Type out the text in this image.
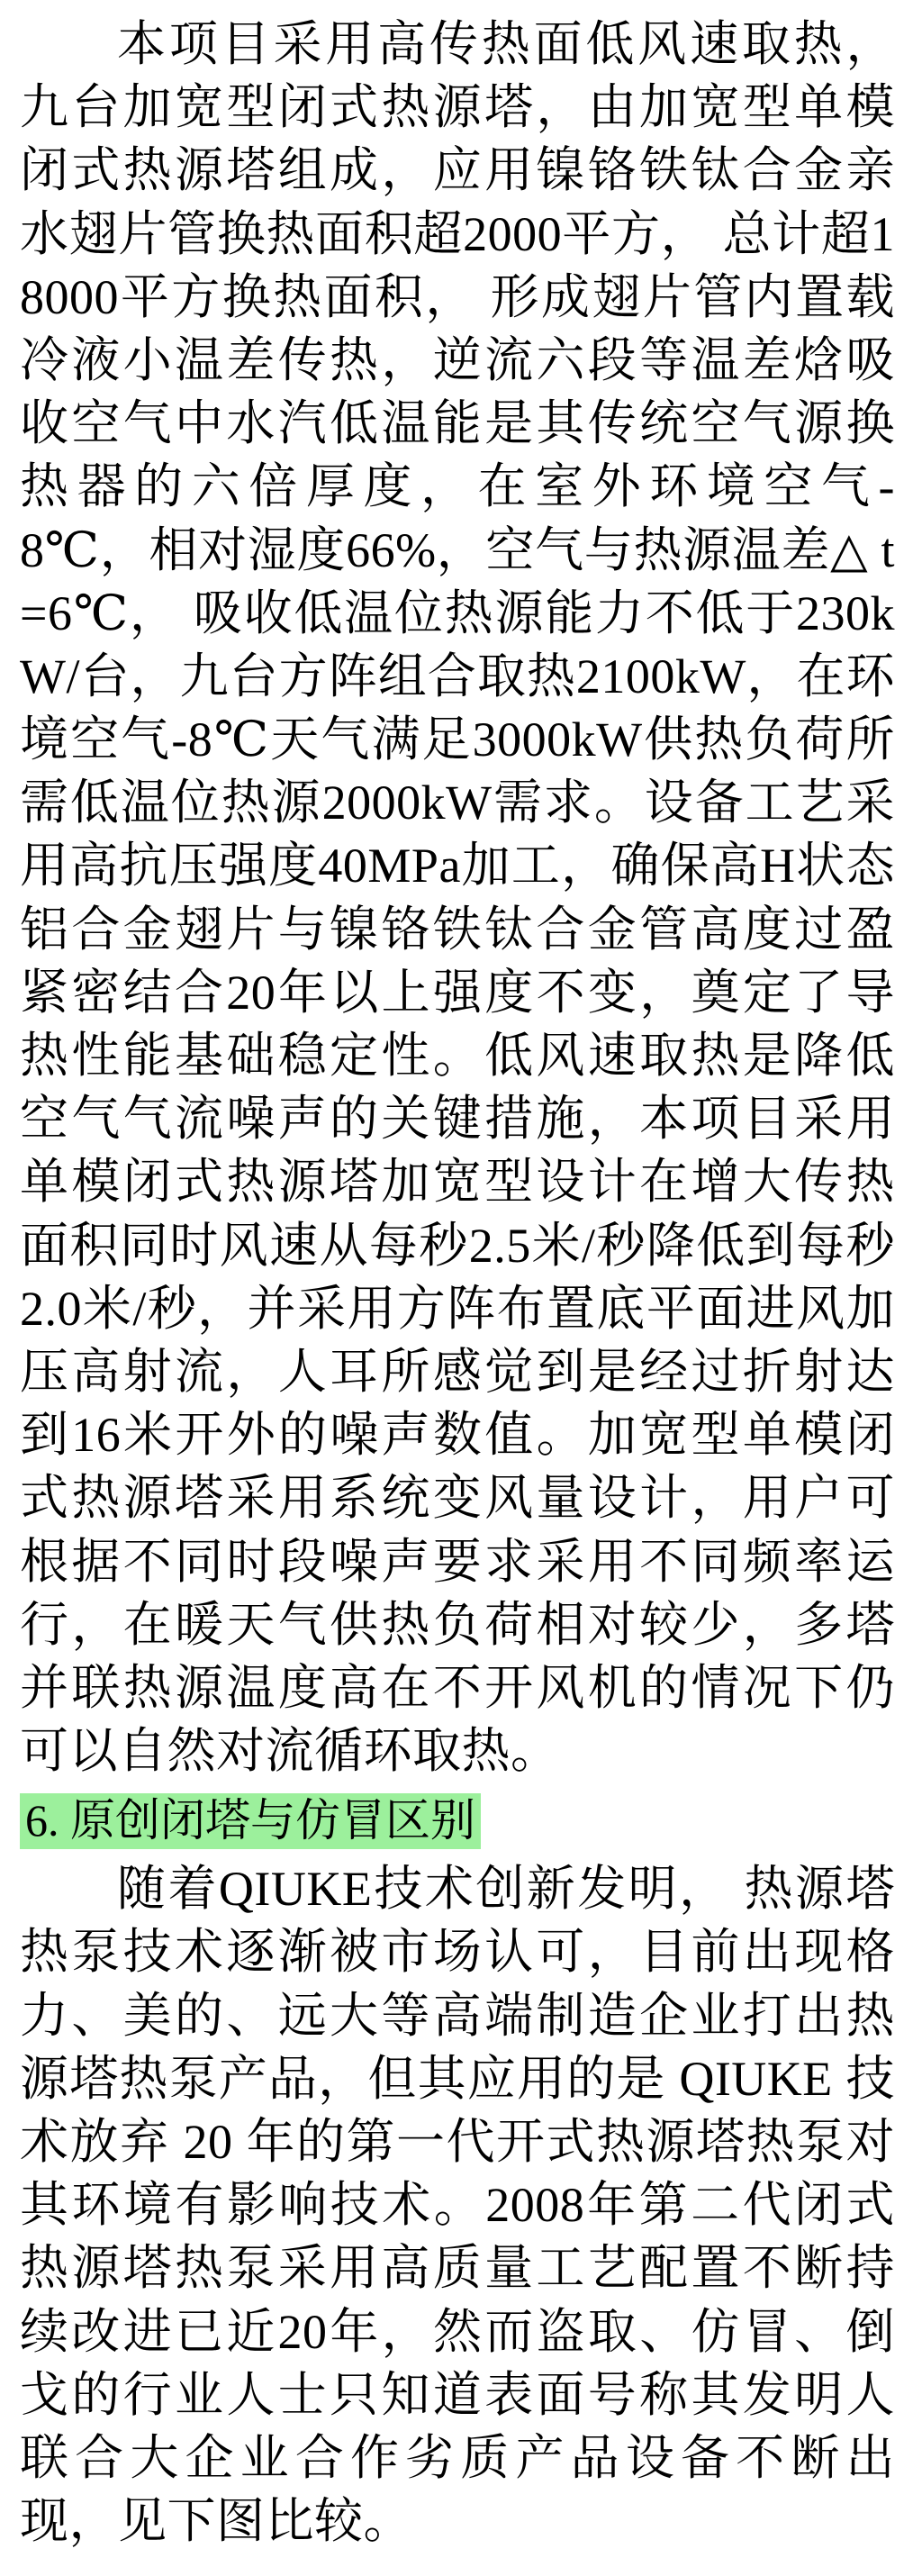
本项目采用高传热面低风速取热，九台加宽型闭式热源塔，由加宽型单模闭式热源塔组成，应用镍铬铁钛合金亲水翅片管换热面积超2000平方， 总计超18000平方换热面积， 形成翅片管内置载冷液小温差传热，逆流六段等温差焓吸收空气中水汽低温能是其传统空气源换热器的六倍厚度，在室外环境空气-8℃，相对湿度66%，空气与热源温差△ t =6℃， 吸收低温位热源能力不低于230kW/台，九台方阵组合取热2100kW，在环境空气-8℃天气满足3000kW供热负荷所需低温位热源2000kW需求。设备工艺采用高抗压强度40MPa加工，确保高H状态铝合金翅片与镍铬铁钛合金管高度过盈紧密结合20年以上强度不变，奠定了导热性能基础稳定性。低风速取热是降低空气气流噪声的关键措施，本项目采用单模闭式热源塔加宽型设计在增大传热面积同时风速从每秒2.5米/秒降低到每秒2.0米/秒，并采用方阵布置底平面进风加压高射流，人耳所感觉到是经过折射达到16米开外的噪声数值。加宽型单模闭式热源塔采用系统变风量设计，用户可根据不同时段噪声要求采用不同频率运行，在暖天气供热负荷相对较少，多塔并联热源温度高在不开风机的情况下仍可以自然对流循环取热。

6. 原创闭塔与仿冒区别

随着QIUKE技术创新发明， 热源塔热泵技术逐渐被市场认可，目前出现格力、美的、远大等高端制造企业打出热源塔热泵产品，但其应用的是 QIUKE 技术放弃 20 年的第一代开式热源塔热泵对其环境有影响技术。2008年第二代闭式热源塔热泵采用高质量工艺配置不断持续改进已近20年，然而盗取、仿冒、倒戈的行业人士只知道表面号称其发明人联合大企业合作劣质产品设备不断出现，见下图比较。
